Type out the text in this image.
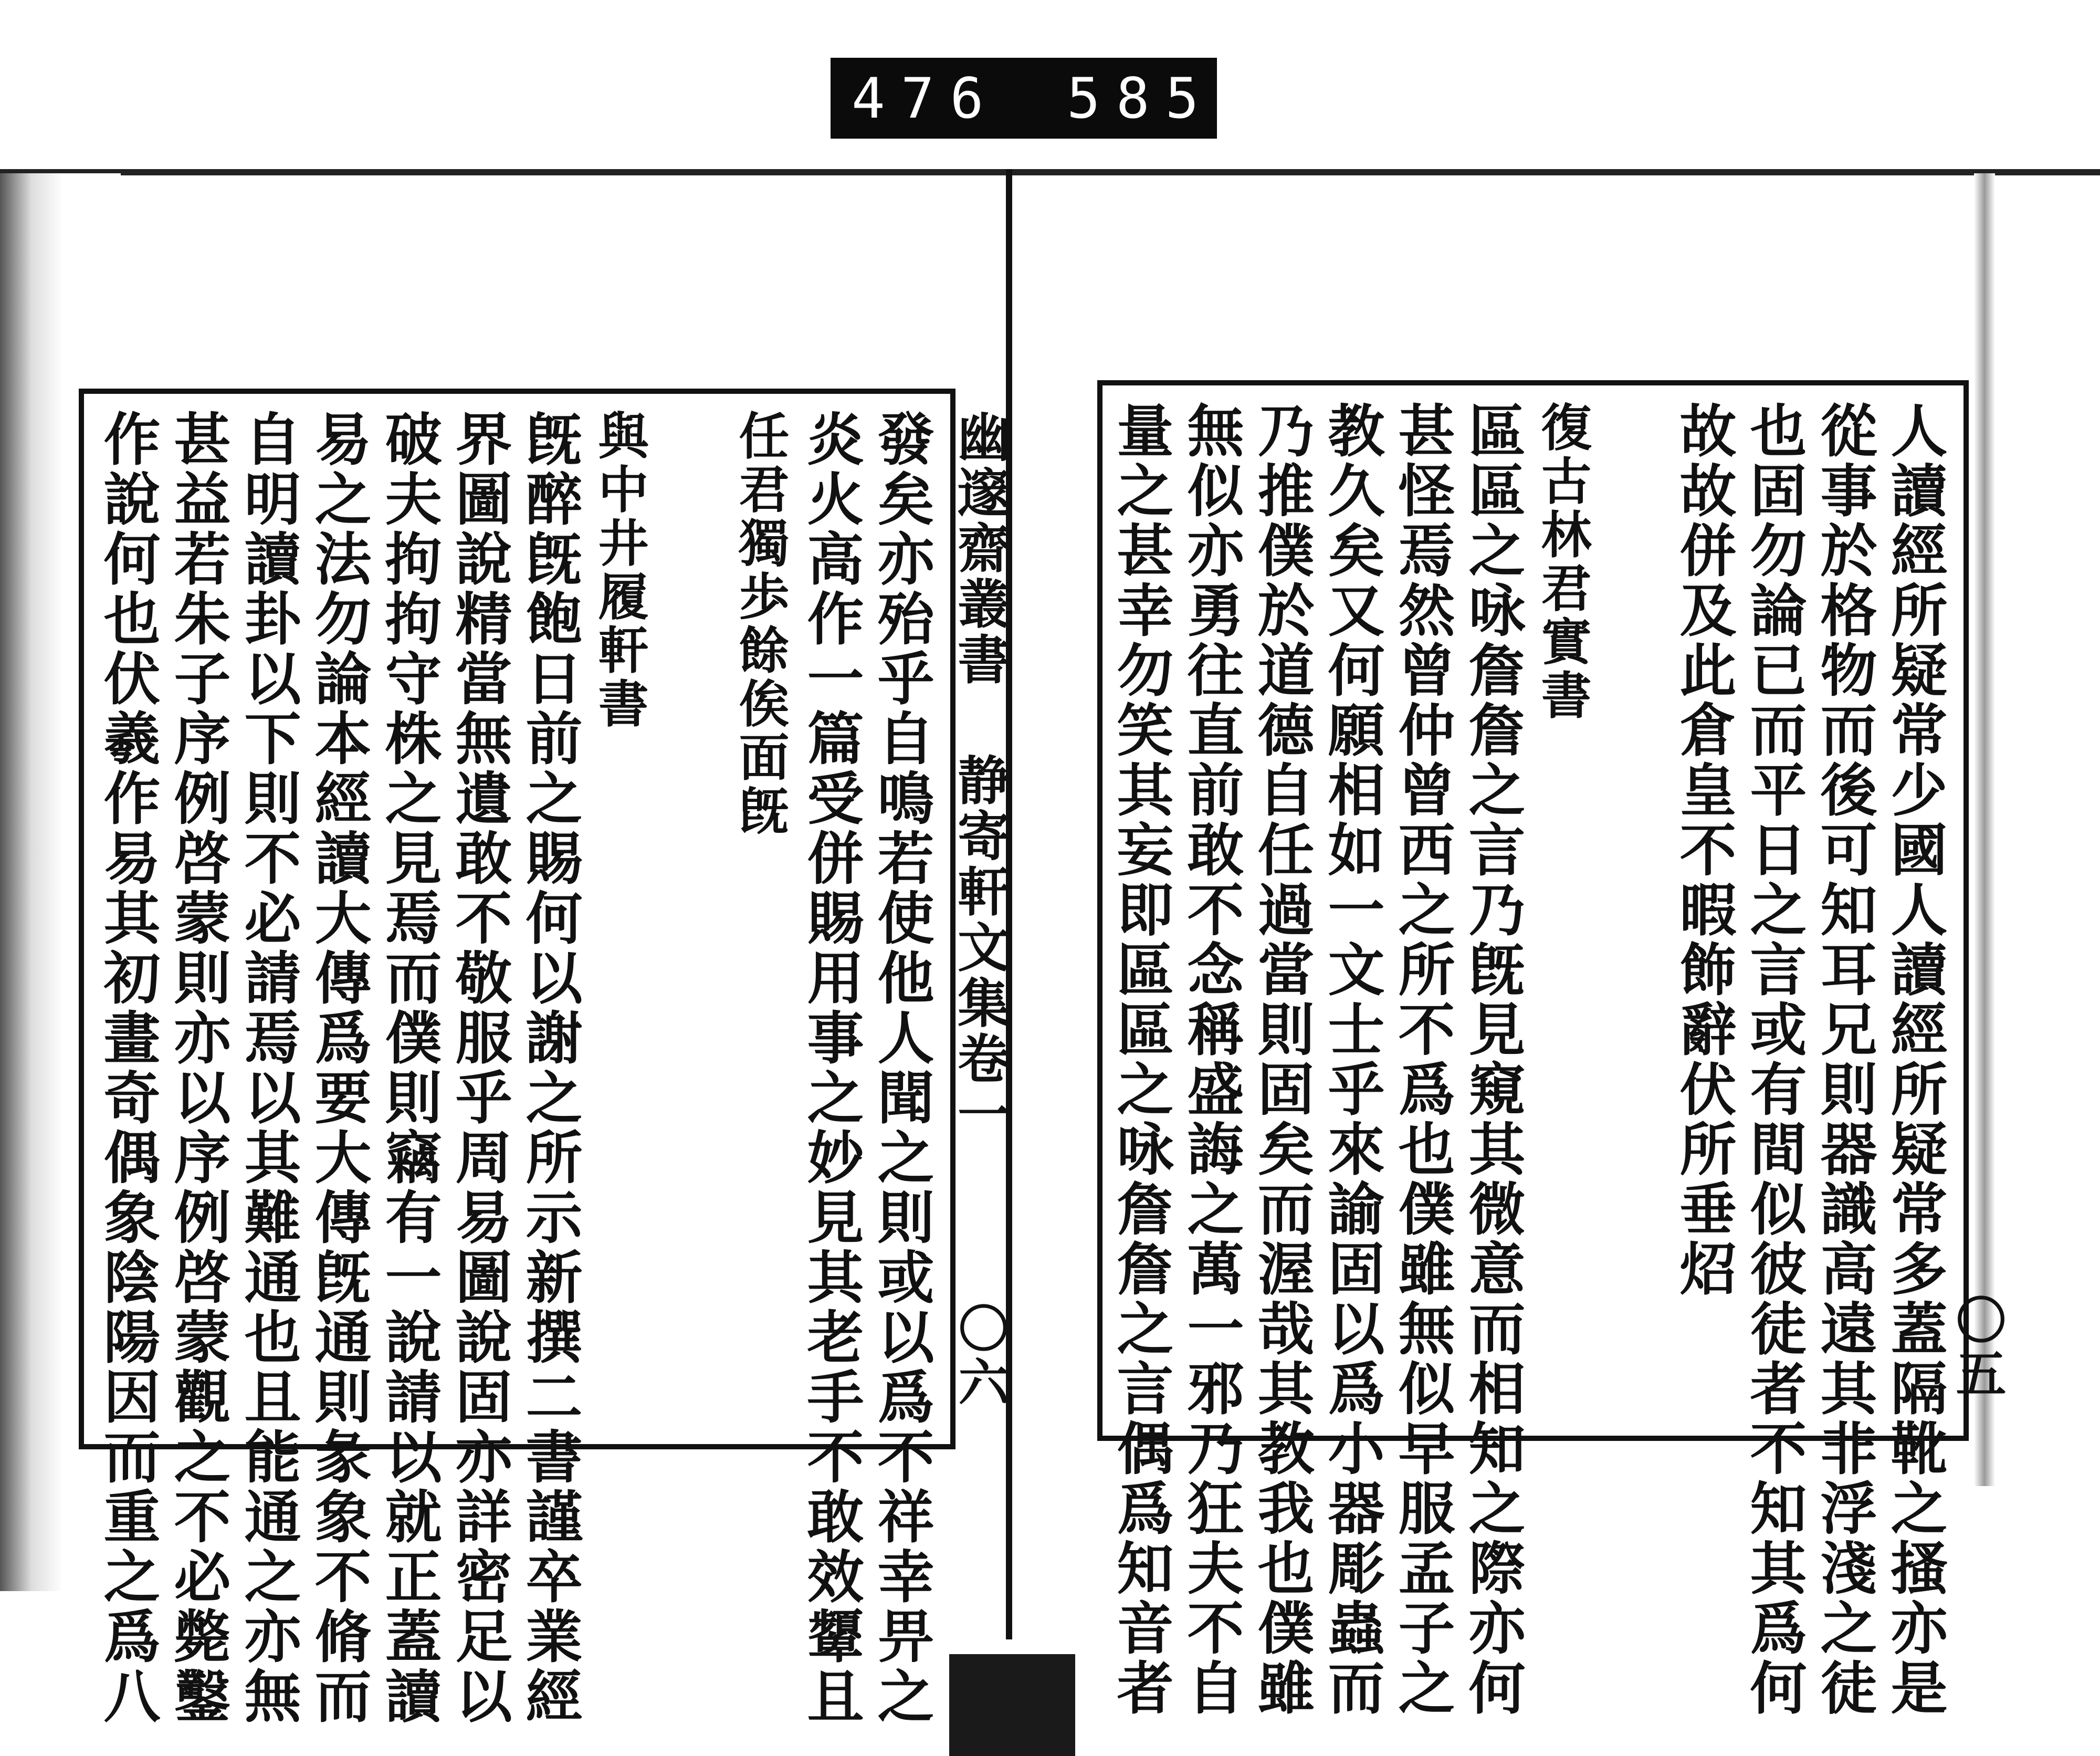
476 585
幽邃齋叢書 静寄軒文集卷一
〇六
發矣亦殆乎自鳴若使他人聞之則或以爲不祥幸畀之
炎火高作一篇受併賜用事之妙見其老手不敢效顰且
任君獨歩餘俟面旣
與中井履軒書
旣醉旣飽日前之賜何以謝之所示新撰二書謹卒業經
界圖說精當無遺敢不敬服乎周易圖說固亦詳密足以
破夫拘拘守株之見焉而僕則竊有一說請以就正蓋讀
易之法勿論本經讀大傳爲要大傳旣通則彖象不脩而
自明讀卦以下則不必請焉以其難通也且能通之亦無
甚益若朱子序例啓蒙則亦以序例啓蒙觀之不必斃鑿
作說何也伏羲作易其初畫奇偶象陰陽因而重之爲八	〇五
人讀經所疑常少國人讀經所疑常多蓋隔靴之搔亦是
從事於格物而後可知耳兄則器識高遠其非浮淺之徒
也固勿論已而平日之言或有間似彼徒者不知其爲何
故故併及此倉皇不暇飾辭伏所垂炤
復古林君實書
區區之咏詹詹之言乃旣見窺其微意而相知之際亦何
甚怪焉然曾仲曾西之所不爲也僕雖無似早服孟子之
教久矣又何願相如一文士乎來諭固以爲小器彫蟲而
乃推僕於道德自任過當則固矣而渥哉其教我也僕雖
無似亦勇往直前敢不念稱盛誨之萬一邪乃狂夫不自
量之甚幸勿笑其妄即區區之咏詹詹之言偶爲知音者
